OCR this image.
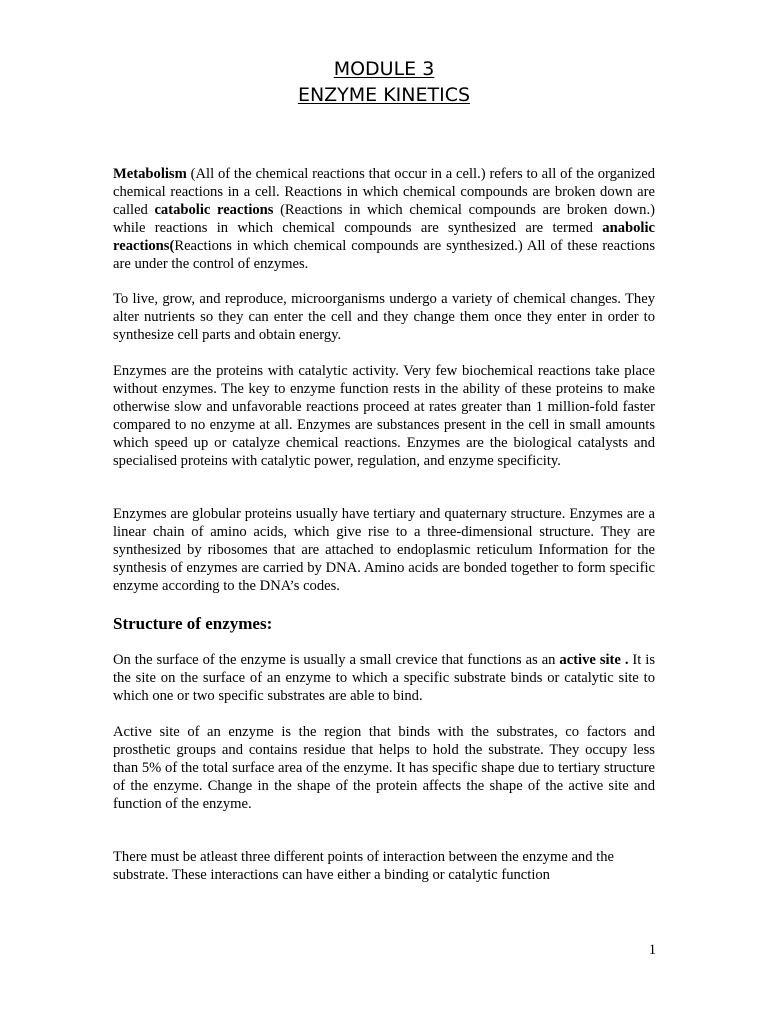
MODULE 3
ENZYME KINETICS

Metabolism (All of the chemical reactions that occur in a cell.) refers to all of the organized chemical reactions in a cell. Reactions in which chemical compounds are broken down are called catabolic reactions (Reactions in which chemical compounds are broken down.) while reactions in which chemical compounds are synthesized are termed anabolic reactions(Reactions in which chemical compounds are synthesized.) All of these reactions are under the control of enzymes.

To live, grow, and reproduce, microorganisms undergo a variety of chemical changes. They alter nutrients so they can enter the cell and they change them once they enter in order to synthesize cell parts and obtain energy.

Enzymes are the proteins with catalytic activity. Very few biochemical reactions take place without enzymes. The key to enzyme function rests in the ability of these proteins to make otherwise slow and unfavorable reactions proceed at rates greater than 1 million-fold faster compared to no enzyme at all. Enzymes are substances present in the cell in small amounts which speed up or catalyze chemical reactions. Enzymes are the biological catalysts and specialised proteins with catalytic power, regulation, and enzyme specificity.

Enzymes are globular proteins usually have tertiary and quaternary structure. Enzymes are a linear chain of amino acids, which give rise to a three-dimensional structure. They are synthesized by ribosomes that are attached to endoplasmic reticulum Information for the synthesis of enzymes are carried by DNA. Amino acids are bonded together to form specific enzyme according to the DNA’s codes.

Structure of enzymes:

On the surface of the enzyme is usually a small crevice that functions as an active site . It is the site on the surface of an enzyme to which a specific substrate binds or catalytic site to which one or two specific substrates are able to bind.

Active site of an enzyme is the region that binds with the substrates, co factors and prosthetic groups and contains residue that helps to hold the substrate. They occupy less than 5% of the total surface area of the enzyme. It has specific shape due to tertiary structure of the enzyme. Change in the shape of the protein affects the shape of the active site and function of the enzyme.

There must be atleast three different points of interaction between the enzyme and the substrate. These interactions can have either a binding or catalytic function

1
